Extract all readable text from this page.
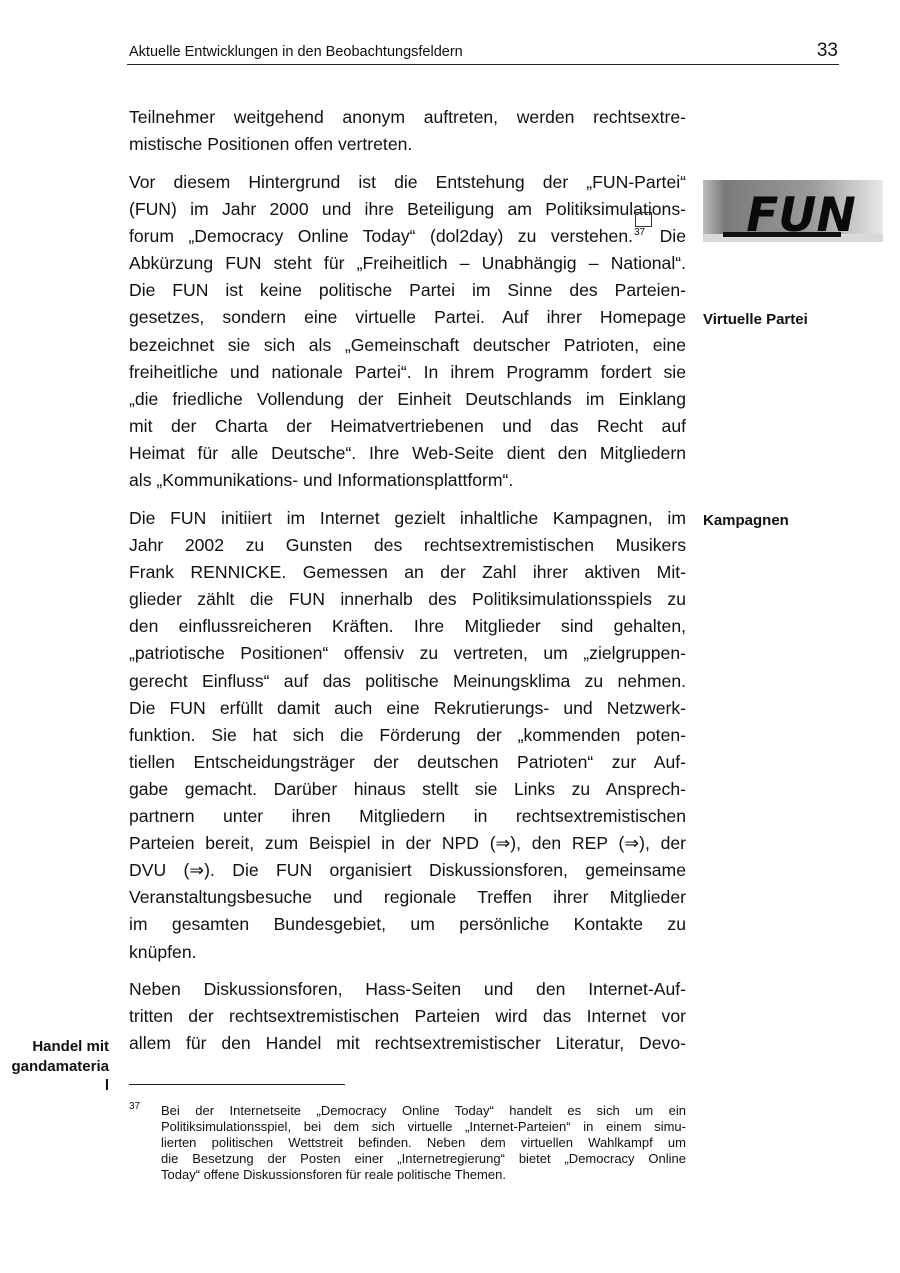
Aktuelle Entwicklungen in den Beobachtungsfeldern	33
FUN
Virtuelle Partei
Kampagnen
Handel mit
gandamateria
l
Teilnehmer weitgehend anonym auftreten, werden rechtsextre-
mistische Positionen offen vertreten.
Vor diesem Hintergrund ist die Entstehung der „FUN-Partei“
(FUN) im Jahr 2000 und ihre Beteiligung am Politiksimulations-
forum „Democracy Online Today“ (dol2day) zu verstehen.$^{37}$ Die
Abkürzung FUN steht für „Freiheitlich – Unabhängig – National“.
Die FUN ist keine politische Partei im Sinne des Parteien-
gesetzes, sondern eine virtuelle Partei. Auf ihrer Homepage
bezeichnet sie sich als „Gemeinschaft deutscher Patrioten, eine
freiheitliche und nationale Partei“. In ihrem Programm fordert sie
„die friedliche Vollendung der Einheit Deutschlands im Einklang
mit der Charta der Heimatvertriebenen und das Recht auf
Heimat für alle Deutsche“. Ihre Web-Seite dient den Mitgliedern
als „Kommunikations- und Informationsplattform“.
Die FUN initiiert im Internet gezielt inhaltliche Kampagnen, im
Jahr 2002 zu Gunsten des rechtsextremistischen Musikers
Frank RENNICKE. Gemessen an der Zahl ihrer aktiven Mit-
glieder zählt die FUN innerhalb des Politiksimulationsspiels zu
den einflussreicheren Kräften. Ihre Mitglieder sind gehalten,
„patriotische Positionen“ offensiv zu vertreten, um „zielgruppen-
gerecht Einfluss“ auf das politische Meinungsklima zu nehmen.
Die FUN erfüllt damit auch eine Rekrutierungs- und Netzwerk-
funktion. Sie hat sich die Förderung der „kommenden poten-
tiellen Entscheidungsträger der deutschen Patrioten“ zur Auf-
gabe gemacht. Darüber hinaus stellt sie Links zu Ansprech-
partnern unter ihren Mitgliedern in rechtsextremistischen
Parteien bereit, zum Beispiel in der NPD (⇒), den REP (⇒), der
DVU (⇒). Die FUN organisiert Diskussionsforen, gemeinsame
Veranstaltungsbesuche und regionale Treffen ihrer Mitglieder
im gesamten Bundesgebiet, um persönliche Kontakte zu
knüpfen.
Neben Diskussionsforen, Hass-Seiten und den Internet-Auf-
tritten der rechtsextremistischen Parteien wird das Internet vor
allem für den Handel mit rechtsextremistischer Literatur, Devo-
37 Bei der Internetseite „Democracy Online Today“ handelt es sich um ein
Politiksimulationsspiel, bei dem sich virtuelle „Internet-Parteien“ in einem simu-
lierten politischen Wettstreit befinden. Neben dem virtuellen Wahlkampf um
die Besetzung der Posten einer „Internetregierung“ bietet „Democracy Online
Today“ offene Diskussionsforen für reale politische Themen.
